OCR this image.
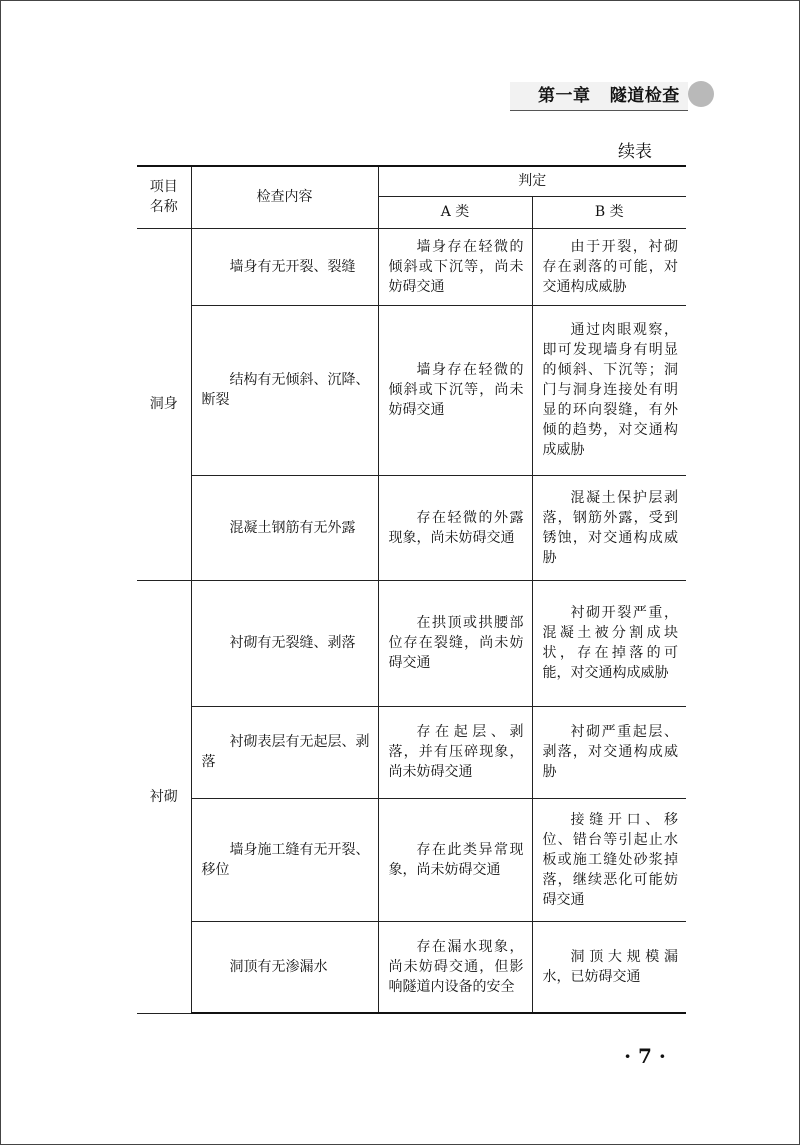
第一章 隧道检查
续表
项目
名称	检查内容	判定	
		A 类	B 类
洞身	墙身有无开裂、裂缝	墙身存在轻微的倾斜或下沉等，尚未妨碍交通	由于开裂，衬砌存在剥落的可能，对交通构成威胁
	结构有无倾斜、沉降、断裂	墙身存在轻微的倾斜或下沉等，尚未妨碍交通	通过肉眼观察，即可发现墙身有明显的倾斜、下沉等；洞门与洞身连接处有明显的环向裂缝，有外倾的趋势，对交通构成威胁
	混凝土钢筋有无外露	存在轻微的外露现象，尚未妨碍交通	混凝土保护层剥落，钢筋外露，受到锈蚀，对交通构成威胁
衬砌	衬砌有无裂缝、剥落	在拱顶或拱腰部位存在裂缝，尚未妨碍交通	衬砌开裂严重，混凝土被分割成块状，存在掉落的可能，对交通构成威胁
	衬砌表层有无起层、剥落	存在起层、剥落，并有压碎现象，尚未妨碍交通	衬砌严重起层、剥落，对交通构成威胁
	墙身施工缝有无开裂、移位	存在此类异常现象，尚未妨碍交通	接缝开口、移位、错台等引起止水板或施工缝处砂浆掉落，继续恶化可能妨碍交通
	洞顶有无渗漏水	存在漏水现象，尚未妨碍交通，但影响隧道内设备的安全	洞顶大规模漏水，已妨碍交通
· 7 ·
